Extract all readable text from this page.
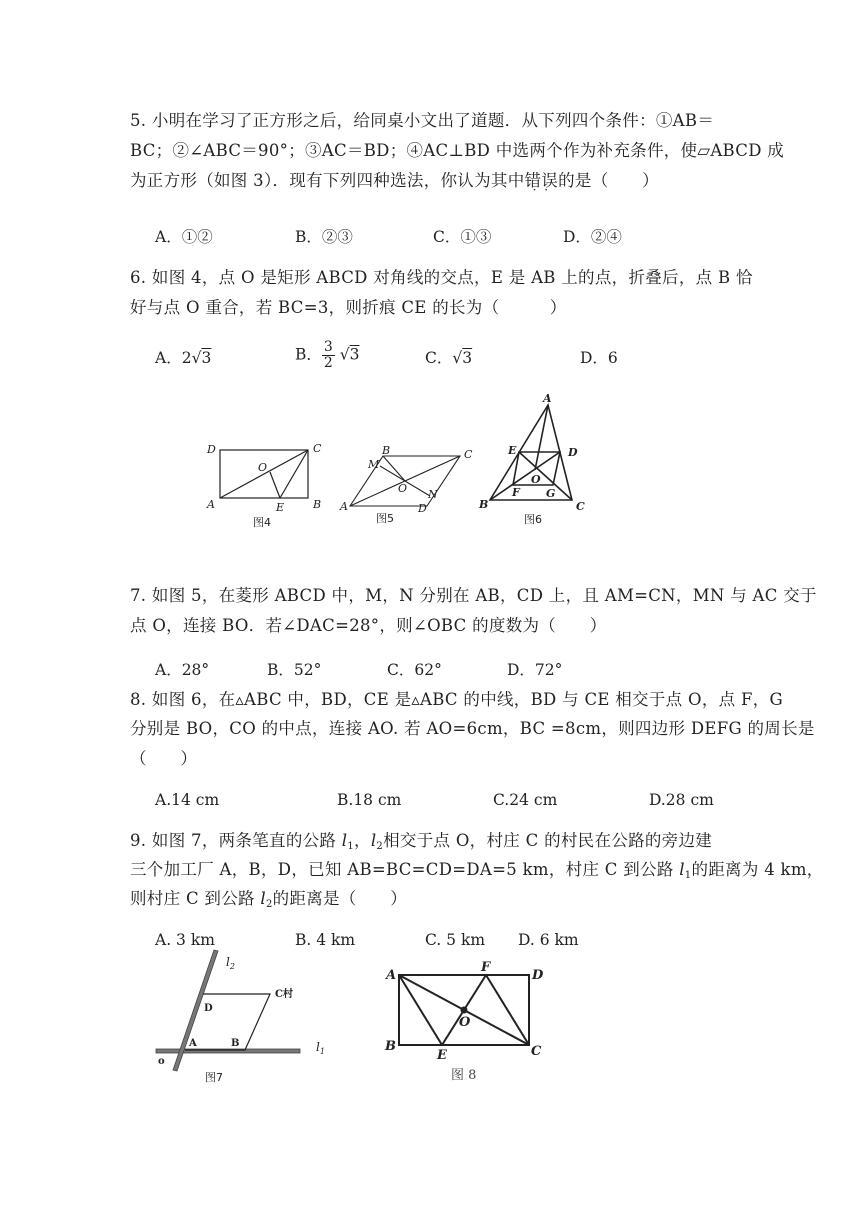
5. 小明在学习了正方形之后，给同桌小文出了道题．从下列四个条件：①AB＝
BC；②∠ABC＝90°；③AC＝BD；④AC⊥BD 中选两个作为补充条件，使▱ABCD 成
为正方形（如图 3）．现有下列四种选法，你认为其中错误 · ·的是（　　）
A．①②	B．②③	C．①③	D．②④
6. 如图 4，点 O 是矩形 ABCD 对角线的交点，E 是 AB 上的点，折叠后，点 B 恰
好与点 O 重合，若 BC=3，则折痕 CE 的长为（　　　）
A．2√3	B． $\frac{3}{2} √3$	C．√3	D．6
D	C
O
A	E	B
图4
B	C
M
O N
A	D
图5
A
E	D
O
F G
B	C
图6
7. 如图 5，在菱形 ABCD 中，M，N 分别在 AB，CD 上，且 AM=CN，MN 与 AC 交于
点 O，连接 BO．若∠DAC=28°，则∠OBC 的度数为（　　）
A．28°	B．52°	C．62°	D．72°
8. 如图 6，在▵ABC 中，BD，CE 是▵ABC 的中线，BD 与 CE 相交于点 O，点 F，G
分别是 BO，CO 的中点，连接 AO. 若 AO=6cm，BC =8cm，则四边形 DEFG 的周长是
（　　）
A.14 cm	B.18 cm	C.24 cm	D.28 cm
9. 如图 7，两条笔直的公路 $l_1$，$l_2$相交于点 O，村庄 C 的村民在公路的旁边建
三个加工厂 A，B，D，已知 AB=BC=CD=DA=5 km，村庄 C 到公路 $l_1$的距离为 4 km，
则村庄 C 到公路 $l_2$的距离是（　　）
A. 3 km	B. 4 km	C. 5 km D. 6 km
D
C村
A	B
o
$l_2$
$l_1$
图7
A
F
D
O
B
E	C
图 8
